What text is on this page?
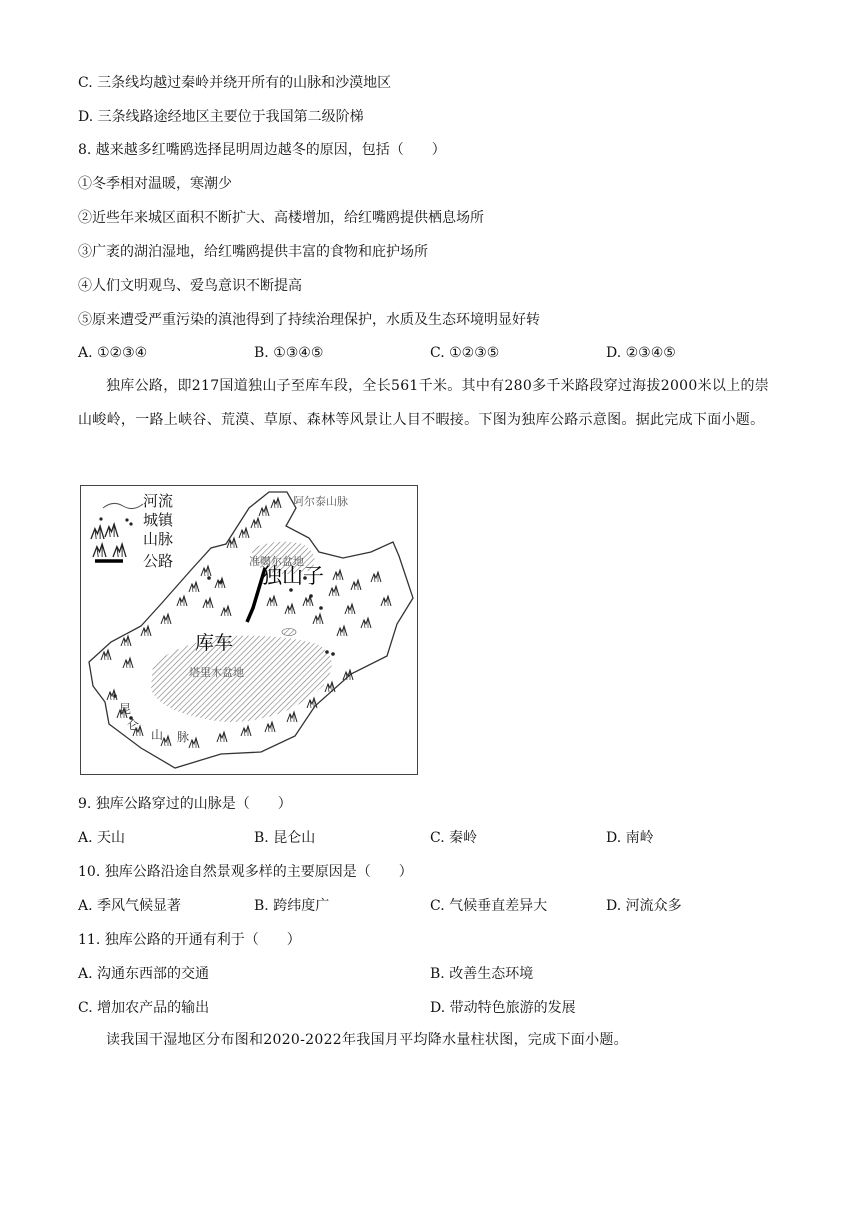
C. 三条线均越过秦岭并绕开所有的山脉和沙漠地区
D. 三条线路途经地区主要位于我国第二级阶梯
8. 越来越多红嘴鸥选择昆明周边越冬的原因，包括（　　）
①冬季相对温暖，寒潮少
②近些年来城区面积不断扩大、高楼增加，给红嘴鸥提供栖息场所
③广袤的湖泊湿地，给红嘴鸥提供丰富的食物和庇护场所
④人们文明观鸟、爱鸟意识不断提高
⑤原来遭受严重污染的滇池得到了持续治理保护，水质及生态环境明显好转
A. ①②③④	B. ①③④⑤	C. ①②③⑤	D. ②③④⑤
独库公路，即217国道独山子至库车段，全长561千米。其中有280多千米路段穿过海拔2000米以上的崇山峻岭，一路上峡谷、荒漠、草原、森林等风景让人目不暇接。下图为独库公路示意图。据此完成下面小题。
河流
城镇
山脉
公路
阿尔泰山脉
准噶尔盆地
独山子
库车
塔里木盆地
昆
仑
山 脉
9. 独库公路穿过的山脉是（　　）
A. 天山	B. 昆仑山	C. 秦岭	D. 南岭
10. 独库公路沿途自然景观多样的主要原因是（　　）
A. 季风气候显著	B. 跨纬度广	C. 气候垂直差异大	D. 河流众多
11. 独库公路的开通有利于（　　）
A. 沟通东西部的交通	B. 改善生态环境
C. 增加农产品的输出	D. 带动特色旅游的发展
读我国干湿地区分布图和2020-2022年我国月平均降水量柱状图，完成下面小题。
